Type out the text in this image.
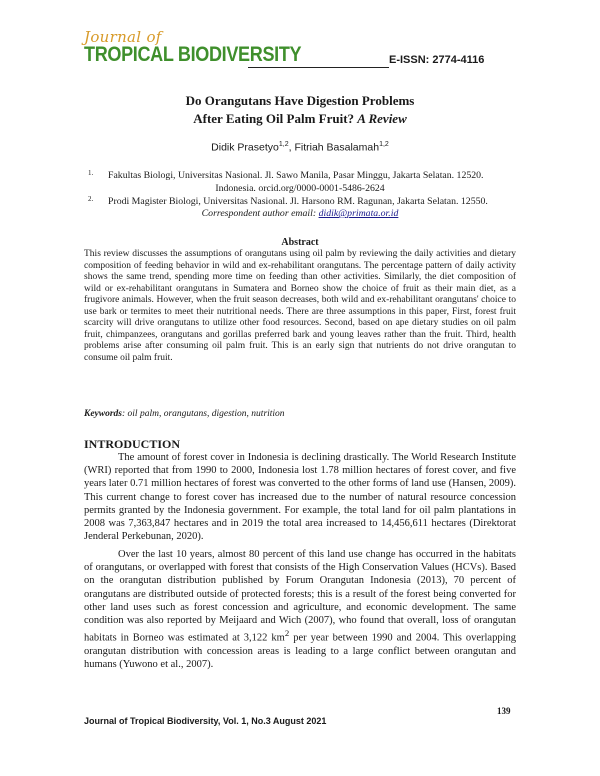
Journal of
TROPICAL BIODIVERSITY	E-ISSN: 2774-4116
Do Orangutans Have Digestion Problems
After Eating Oil Palm Fruit? A Review
Didik Prasetyo$^{1,2}$, Fitriah Basalamah$^{1,2}$
1. Fakultas Biologi, Universitas Nasional. Jl. Sawo Manila, Pasar Minggu, Jakarta Selatan. 12520.
Indonesia. orcid.org/0000-0001-5486-2624
2. Prodi Magister Biologi, Universitas Nasional. Jl. Harsono RM. Ragunan, Jakarta Selatan. 12550.
Correspondent author email: didik@primata.or.id
Abstract
This review discusses the assumptions of orangutans using oil palm by reviewing the daily activities and dietary composition of feeding behavior in wild and ex-rehabilitant orangutans. The percentage pattern of daily activity shows the same trend, spending more time on feeding than other activities. Similarly, the diet composition of wild or ex-rehabilitant orangutans in Sumatera and Borneo show the choice of fruit as their main diet, as a frugivore animals. However, when the fruit season decreases, both wild and ex-rehabilitant orangutans' choice to use bark or termites to meet their nutritional needs. There are three assumptions in this paper, First, forest fruit scarcity will drive orangutans to utilize other food resources. Second, based on ape dietary studies on oil palm fruit, chimpanzees, orangutans and gorillas preferred bark and young leaves rather than the fruit. Third, health problems arise after consuming oil palm fruit. This is an early sign that nutrients do not drive orangutan to consume oil palm fruit.
Keywords: oil palm, orangutans, digestion, nutrition
INTRODUCTION

The amount of forest cover in Indonesia is declining drastically. The World Research Institute (WRI) reported that from 1990 to 2000, Indonesia lost 1.78 million hectares of forest cover, and five years later 0.71 million hectares of forest was converted to the other forms of land use (Hansen, 2009). This current change to forest cover has increased due to the number of natural resource concession permits granted by the Indonesia government. For example, the total land for oil palm plantations in 2008 was 7,363,847 hectares and in 2019 the total area increased to 14,456,611 hectares (Direktorat Jenderal Perkebunan, 2020).

Over the last 10 years, almost 80 percent of this land use change has occurred in the habitats of orangutans, or overlapped with forest that consists of the High Conservation Values (HCVs). Based on the orangutan distribution published by Forum Orangutan Indonesia (2013), 70 percent of orangutans are distributed outside of protected forests; this is a result of the forest being converted for other land uses such as forest concession and agriculture, and economic development. The same condition was also reported by Meijaard and Wich (2007), who found that overall, loss of orangutan habitats in Borneo was estimated at 3,122 $km^2$ per year between 1990 and 2004. This overlapping orangutan distribution with concession areas is leading to a large conflict between orangutan and humans (Yuwono et al., 2007).

139
Journal of Tropical Biodiversity, Vol. 1, No.3 August 2021
